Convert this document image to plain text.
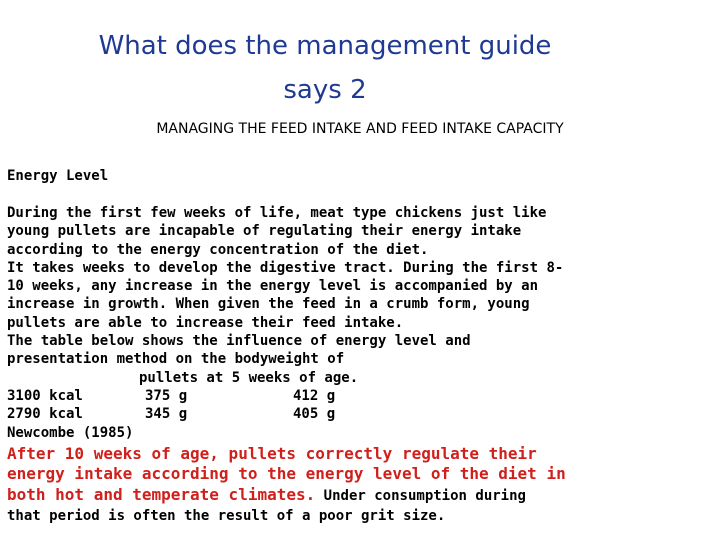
What does the management guide
says 2
MANAGING THE FEED INTAKE AND FEED INTAKE CAPACITY
Energy Level
During the first few weeks of life, meat type chickens just like
young pullets are incapable of regulating their energy intake
according to the energy concentration of the diet.
It takes weeks to develop the digestive tract. During the first 8-
10 weeks, any increase in the energy level is accompanied by an
increase in growth. When given the feed in a crumb form, young
pullets are able to increase their feed intake.
The table below shows the influence of energy level and
presentation method on the bodyweight of
pullets at 5 weeks of age.
3100 kcal	375 g	412 g
2790 kcal	345 g	405 g
Newcombe (1985)
After 10 weeks of age, pullets correctly regulate their
energy intake according to the energy level of the diet in
both hot and temperate climates. Under consumption during
that period is often the result of a poor grit size.
